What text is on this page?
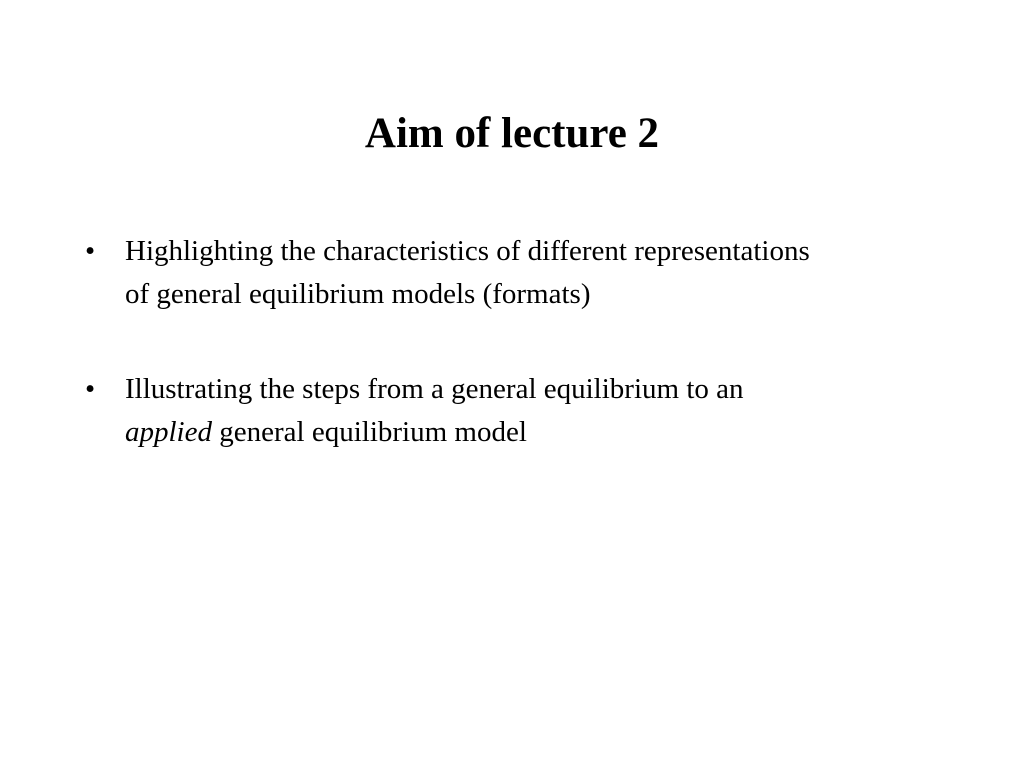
Aim of lecture 2
•	Highlighting the characteristics of different representations
of general equilibrium models (formats)
•	Illustrating the steps from a general equilibrium to an
applied general equilibrium model
